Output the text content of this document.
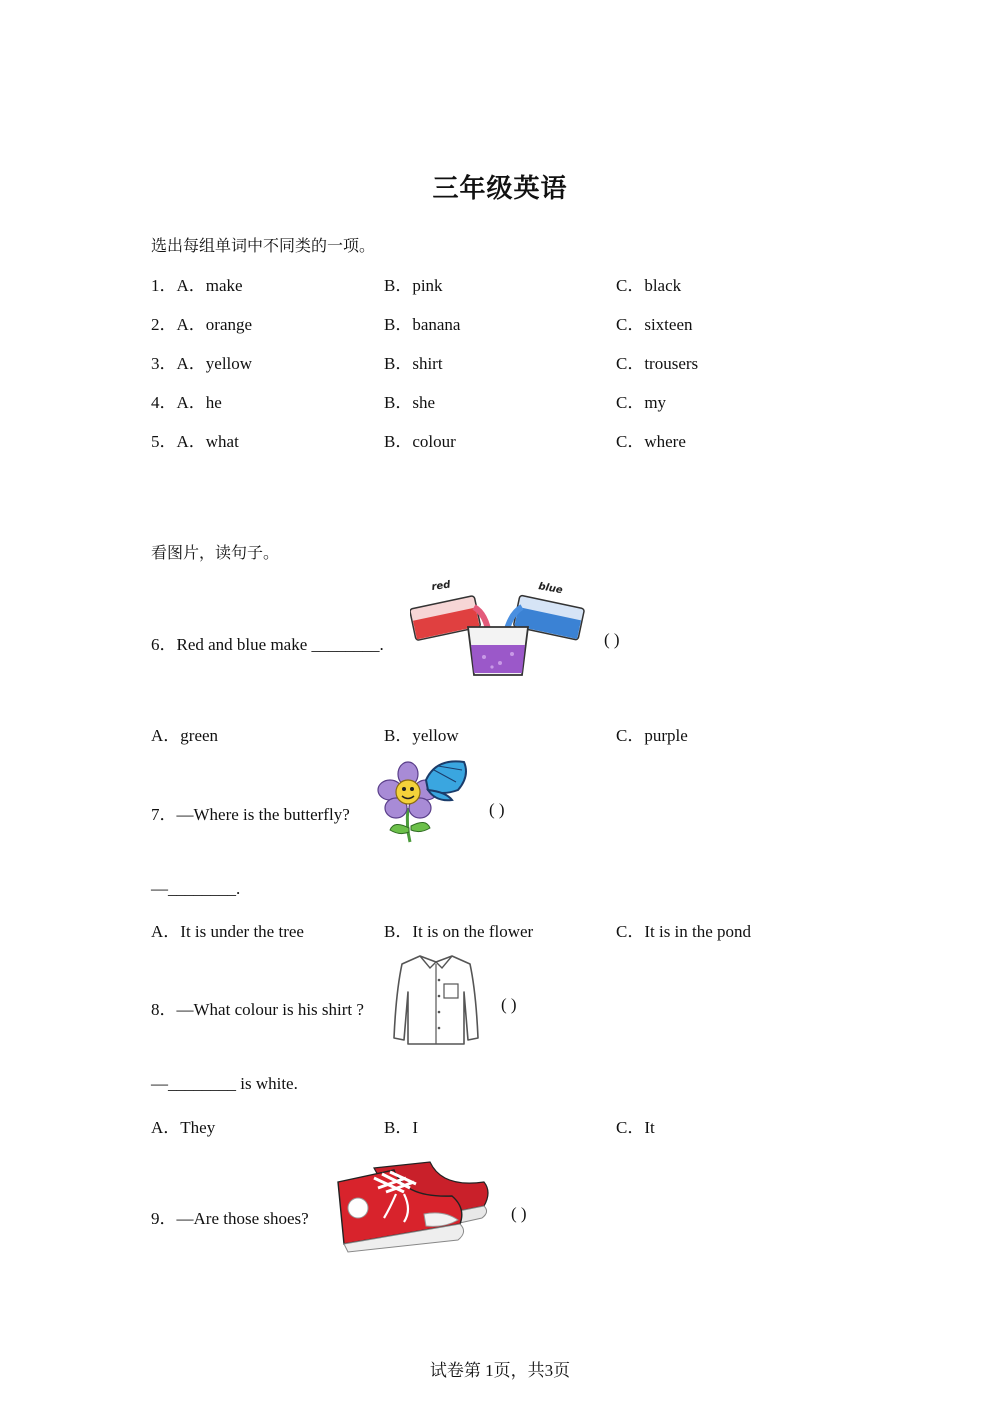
三年级英语
选出每组单词中不同类的一项。
1．A．make	B．pink	C．black
2．A．orange	B．banana	C．sixteen
3．A．yellow	B．shirt	C．trousers
4．A．he	B．she	C．my
5．A．what	B．colour	C．where
看图片，读句子。
6．Red and blue make ________.
red	blue
( )
A．green	B．yellow	C．purple
7．—Where is the butterfly?	( )
—________.
A．It is under the tree	B．It is on the flower	C．It is in the pond
8．—What colour is his shirt ?	( )
—________ is white.
A．They	B．I	C．It
9．—Are those shoes?	( )
试卷第 1页，共3页
